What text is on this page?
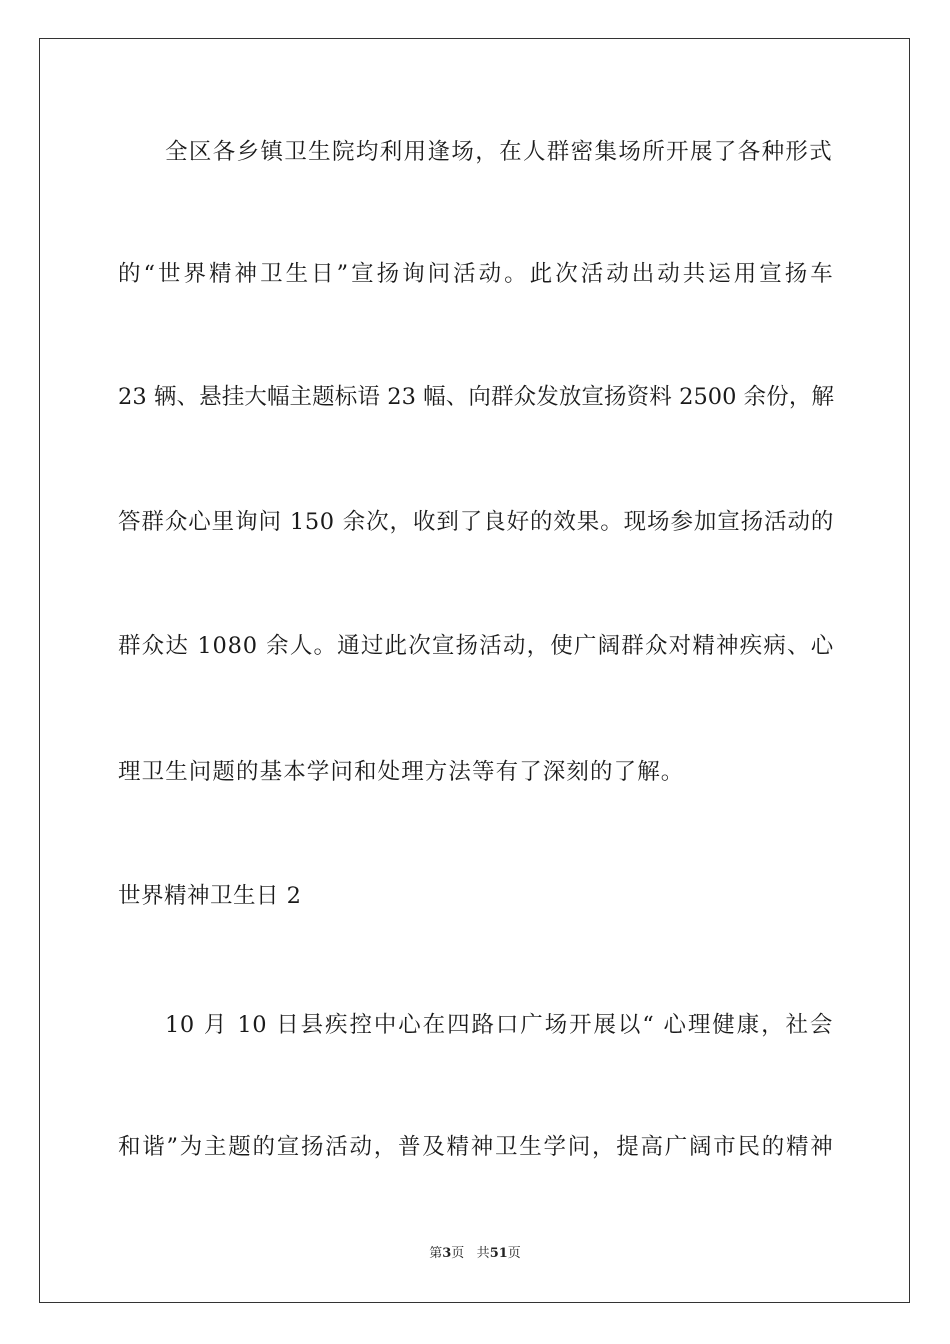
全区各乡镇卫生院均利用逢场，在人群密集场所开展了各种形式
的“世界精神卫生日”宣扬询问活动。此次活动出动共运用宣扬车
23 辆、悬挂大幅主题标语 23 幅、向群众发放宣扬资料 2500 余份，解
答群众心里询问 150 余次，收到了良好的效果。现场参加宣扬活动的
群众达 1080 余人。通过此次宣扬活动，使广阔群众对精神疾病、心
理卫生问题的基本学问和处理方法等有了深刻的了解。
世界精神卫生日 2
10 月 10 日县疾控中心在四路口广场开展以“ 心理健康，社会
和谐”为主题的宣扬活动，普及精神卫生学问，提高广阔市民的精神
第3页 共51页
